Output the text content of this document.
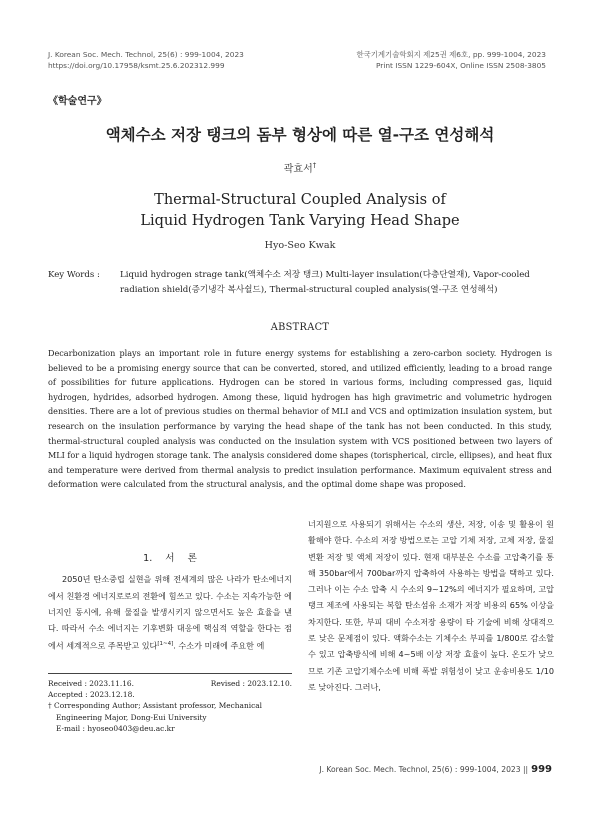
J. Korean Soc. Mech. Technol, 25(6) : 999-1004, 2023
https://doi.org/10.17958/ksmt.25.6.202312.999
한국기계기술학회지 제25권 제6호, pp. 999-1004, 2023
Print ISSN 1229-604X, Online ISSN 2508-3805
《학술연구》
액체수소 저장 탱크의 돔부 형상에 따른 열-구조 연성해석
곽효서†
Thermal-Structural Coupled Analysis of
Liquid Hydrogen Tank Varying Head Shape
Hyo-Seo Kwak
Key Words : Liquid hydrogen strage tank(액체수소 저장 탱크) Multi-layer insulation(다층단열재), Vapor-cooled radiation shield(증기냉각 복사쉴드), Thermal-structural coupled analysis(열-구조 연성해석)
ABSTRACT
Decarbonization plays an important role in future energy systems for establishing a zero-carbon society. Hydrogen is believed to be a promising energy source that can be converted, stored, and utilized efficiently, leading to a broad range of possibilities for future applications. Hydrogen can be stored in various forms, including compressed gas, liquid hydrogen, hydrides, adsorbed hydrogen. Among these, liquid hydrogen has high gravimetric and volumetric hydrogen densities. There are a lot of previous studies on thermal behavior of MLI and VCS and optimization insulation system, but research on the insulation performance by varying the head shape of the tank has not been conducted. In this study, thermal-structural coupled analysis was conducted on the insulation system with VCS positioned between two layers of MLI for a liquid hydrogen storage tank. The analysis considered dome shapes (torispherical, circle, ellipses), and heat flux and temperature were derived from thermal analysis to predict insulation performance. Maximum equivalent stress and deformation were calculated from the structural analysis, and the optimal dome shape was proposed.
1. 서 론
2050년 탄소중립 실현을 위해 전세계의 많은 나라가 탄소에너지에서 친환경 에너지로로의 전환에 힘쓰고 있다. 수소는 지속가능한 에너지인 동시에, 유해 물질을 발생시키지 않으면서도 높은 효율을 낸다. 따라서 수소 에너지는 기후변화 대응에 핵심적 역할을 한다는 점에서 세계적으로 주목받고 있다[1~4]. 수소가 미래에 주요한 에
너지원으로 사용되기 위해서는 수소의 생산, 저장, 이송 및 활용이 원활해야 한다. 수소의 저장 방법으로는 고압 기체 저장, 고체 저장, 물질 변환 저장 및 액체 저장이 있다. 현재 대부분은 수소를 고압축기를 통해 350bar에서 700bar까지 압축하여 사용하는 방법을 택하고 있다. 그러나 이는 수소 압축 시 수소의 9~12%의 에너지가 필요하며, 고압 탱크 제조에 사용되는 복합 탄소섬유 소재가 저장 비용의 65% 이상을 차지한다. 또한, 부피 대비 수소저장 용량이 타 기술에 비해 상대적으로 낮은 문제점이 있다. 액화수소는 기체수소 부피를 1/800로 감소할 수 있고 압축방식에 비해 4~5배 이상 저장 효율이 높다. 온도가 낮으므로 기존 고압기체수소에 비해 폭발 위험성이 낮고 운송비용도 1/10로 낮아진다. 그러나,
Received : 2023.11.16.	Revised : 2023.12.10.
Accepted : 2023.12.18.
† Corresponding Author; Assistant professor, Mechanical Engineering Major, Dong-Eui University
E-mail : hyoseo0403@deu.ac.kr
J. Korean Soc. Mech. Technol, 25(6) : 999-1004, 2023 || 999
